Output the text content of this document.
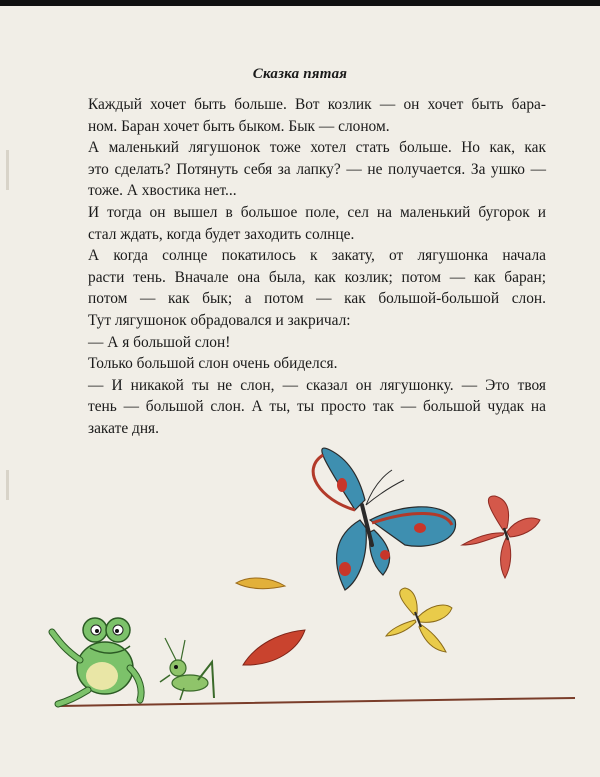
Сказка пятая
Каждый хочет быть больше. Вот козлик — он хочет быть бара-
ном. Баран хочет быть быком. Бык — слоном.
А маленький лягушонок тоже хотел стать больше. Но как, как
это сделать? Потянуть себя за лапку? — не получается. За ушко —
тоже. А хвостика нет...
И тогда он вышел в большое поле, сел на маленький бугорок и
стал ждать, когда будет заходить солнце.
А когда солнце покатилось к закату, от лягушонка начала
расти тень. Вначале она была, как козлик; потом — как баран;
потом — как бык; а потом — как большой-большой слон.
Тут лягушонок обрадовался и закричал:
— А я большой слон!
Только большой слон очень обиделся.
— И никакой ты не слон, — сказал он лягушонку. — Это твоя
тень — большой слон. А ты, ты просто так — большой чудак на
закате дня.
